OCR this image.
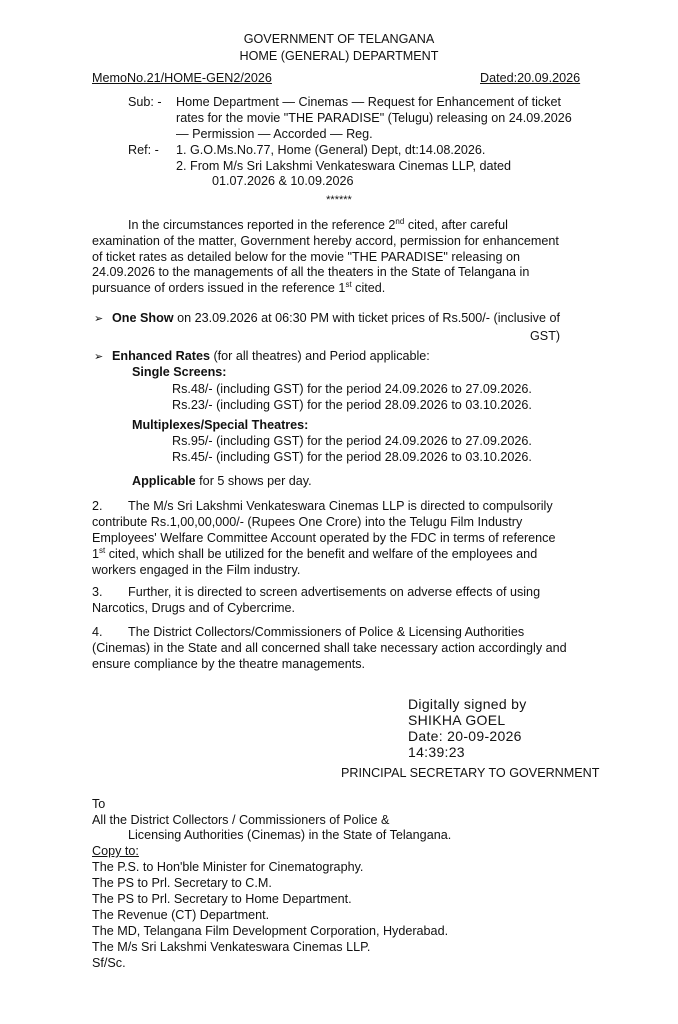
GOVERNMENT OF TELANGANA
HOME (GENERAL) DEPARTMENT
MemoNo.21/HOME-GEN2/2026	Dated:20.09.2026
Sub: - Home Department — Cinemas — Request for Enhancement of ticket
rates for the movie "THE PARADISE" (Telugu) releasing on 24.09.2026
— Permission — Accorded — Reg.
Ref: - 1. G.O.Ms.No.77, Home (General) Dept, dt:14.08.2026.
2. From M/s Sri Lakshmi Venkateswara Cinemas LLP, dated
01.07.2026 & 10.09.2026
******
In the circumstances reported in the reference 2nd cited, after careful
examination of the matter, Government hereby accord, permission for enhancement
of ticket rates as detailed below for the movie "THE PARADISE" releasing on
24.09.2026 to the managements of all the theaters in the State of Telangana in
pursuance of orders issued in the reference 1st cited.
➢ One Show on 23.09.2026 at 06:30 PM with ticket prices of Rs.500/- (inclusive of
GST)
➢ Enhanced Rates (for all theatres) and Period applicable:
Single Screens:
Rs.48/- (including GST) for the period 24.09.2026 to 27.09.2026.
Rs.23/- (including GST) for the period 28.09.2026 to 03.10.2026.
Multiplexes/Special Theatres:
Rs.95/- (including GST) for the period 24.09.2026 to 27.09.2026.
Rs.45/- (including GST) for the period 28.09.2026 to 03.10.2026.
Applicable for 5 shows per day.
2. The M/s Sri Lakshmi Venkateswara Cinemas LLP is directed to compulsorily
contribute Rs.1,00,00,000/- (Rupees One Crore) into the Telugu Film Industry
Employees' Welfare Committee Account operated by the FDC in terms of reference
1st cited, which shall be utilized for the benefit and welfare of the employees and
workers engaged in the Film industry.
3. Further, it is directed to screen advertisements on adverse effects of using
Narcotics, Drugs and of Cybercrime.
4. The District Collectors/Commissioners of Police & Licensing Authorities
(Cinemas) in the State and all concerned shall take necessary action accordingly and
ensure compliance by the theatre managements.
Digitally signed by
SHIKHA GOEL
Date: 20-09-2026
14:39:23
PRINCIPAL SECRETARY TO GOVERNMENT
To
All the District Collectors / Commissioners of Police &
Licensing Authorities (Cinemas) in the State of Telangana.
Copy to:
The P.S. to Hon'ble Minister for Cinematography.
The PS to Prl. Secretary to C.M.
The PS to Prl. Secretary to Home Department.
The Revenue (CT) Department.
The MD, Telangana Film Development Corporation, Hyderabad.
The M/s Sri Lakshmi Venkateswara Cinemas LLP.
Sf/Sc.
